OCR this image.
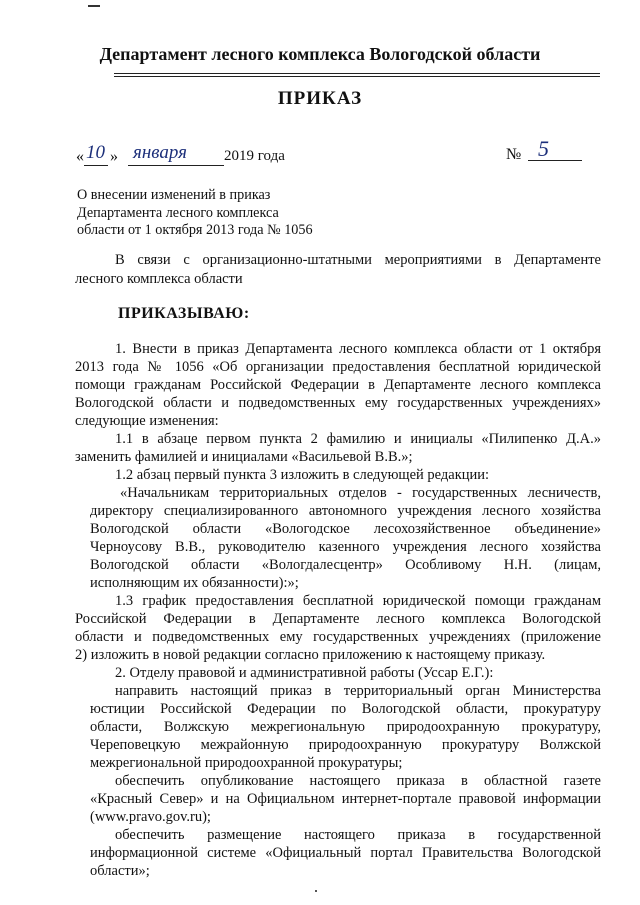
Департамент лесного комплекса Вологодской области
ПРИКАЗ
« 10 » января 2019 года	№ 5
О внесении изменений в приказ
Департамента лесного комплекса
области от 1 октября 2013 года № 1056
В связи с организационно-штатными мероприятиями в Департаменте
лесного комплекса области
ПРИКАЗЫВАЮ:
1. Внести в приказ Департамента лесного комплекса области от 1 октября
2013 года № 1056 «Об организации предоставления бесплатной юридической
помощи гражданам Российской Федерации в Департаменте лесного комплекса
Вологодской области и подведомственных ему государственных учреждениях»
следующие изменения:
1.1 в абзаце первом пункта 2 фамилию и инициалы «Пилипенко Д.А.»
заменить фамилией и инициалами «Васильевой В.В.»;
1.2 абзац первый пункта 3 изложить в следующей редакции:
«Начальникам территориальных отделов - государственных лесничеств,
директору специализированного автономного учреждения лесного хозяйства
Вологодской области «Вологодское лесохозяйственное объединение»
Черноусову В.В., руководителю казенного учреждения лесного хозяйства
Вологодской области «Вологдалесцентр» Особливому Н.Н. (лицам,
исполняющим их обязанности):»;
1.3 график предоставления бесплатной юридической помощи гражданам
Российской Федерации в Департаменте лесного комплекса Вологодской
области и подведомственных ему государственных учреждениях (приложение
2) изложить в новой редакции согласно приложению к настоящему приказу.
2. Отделу правовой и административной работы (Уссар Е.Г.):
направить настоящий приказ в территориальный орган Министерства
юстиции Российской Федерации по Вологодской области, прокуратуру
области, Волжскую межрегиональную природоохранную прокуратуру,
Череповецкую межрайонную природоохранную прокуратуру Волжской
межрегиональной природоохранной прокуратуры;
обеспечить опубликование настоящего приказа в областной газете
«Красный Север» и на Официальном интернет-портале правовой информации
(www.pravo.gov.ru);
обеспечить размещение настоящего приказа в государственной
информационной системе «Официальный портал Правительства Вологодской
области»;
